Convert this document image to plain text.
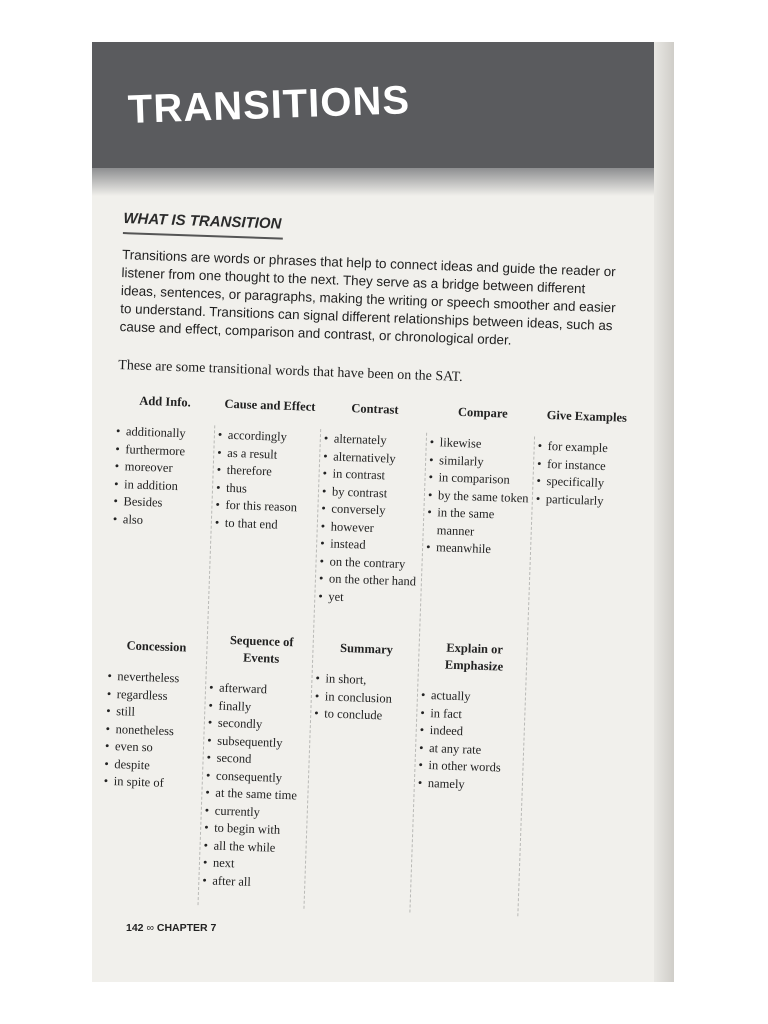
TRANSITIONS
WHAT IS TRANSITION
Transitions are words or phrases that help to connect ideas and guide the reader or listener from one thought to the next. They serve as a bridge between different ideas, sentences, or paragraphs, making the writing or speech smoother and easier to understand. Transitions can signal different relationships between ideas, such as cause and effect, comparison and contrast, or chronological order.
These are some transitional words that have been on the SAT.
Add Info.
• additionally
• furthermore
• moreover
• in addition
• Besides
• also
Cause and Effect
• accordingly
• as a result
• therefore
• thus
• for this reason
• to that end
Contrast
• alternately
• alternatively
• in contrast
• by contrast
• conversely
• however
• instead
• on the contrary
• on the other hand
• yet
Compare
• likewise
• similarly
• in comparison
• by the same token
• in the same manner
• meanwhile
Give Examples
• for example
• for instance
• specifically
• particularly
Concession
• nevertheless
• regardless
• still
• nonetheless
• even so
• despite
• in spite of
Sequence of Events
• afterward
• finally
• secondly
• subsequently
• second
• consequently
• at the same time
• currently
• to begin with
• all the while
• next
• after all
Summary
• in short,
• in conclusion
• to conclude
Explain or Emphasize
• actually
• in fact
• indeed
• at any rate
• in other words
• namely
142 ∞ CHAPTER 7
